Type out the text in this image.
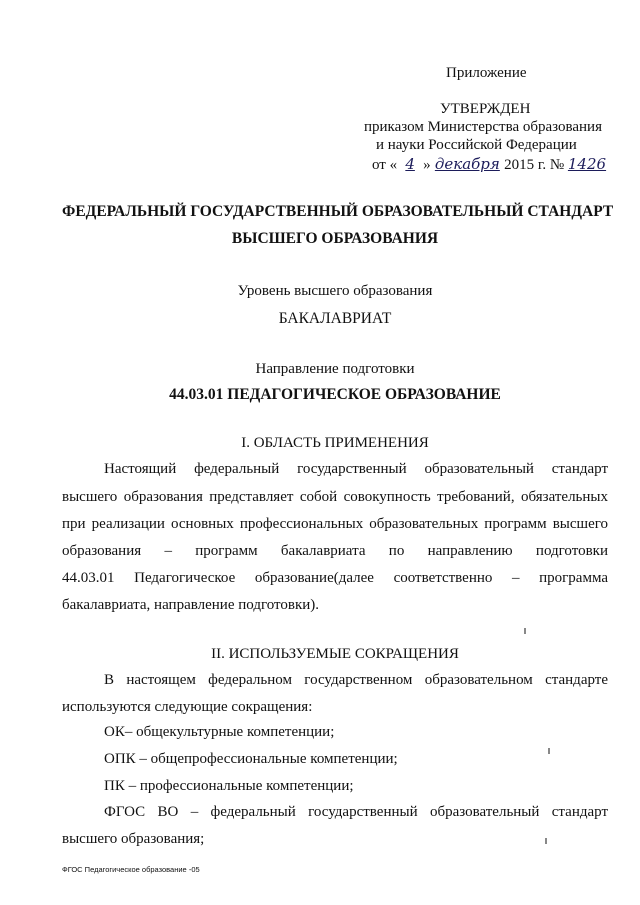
Приложение
УТВЕРЖДЕН
приказом Министерства образования
и науки Российской Федерации
от « 4 » декабря 2015 г. № 1426
ФЕДЕРАЛЬНЫЙ ГОСУДАРСТВЕННЫЙ ОБРАЗОВАТЕЛЬНЫЙ СТАНДАРТ
ВЫСШЕГО ОБРАЗОВАНИЯ
Уровень высшего образования
БАКАЛАВРИАТ
Направление подготовки
44.03.01 ПЕДАГОГИЧЕСКОЕ ОБРАЗОВАНИЕ
I. ОБЛАСТЬ ПРИМЕНЕНИЯ
Настоящий федеральный государственный образовательный стандарт
высшего образования представляет собой совокупность требований, обязательных
при реализации основных профессиональных образовательных программ высшего
образования – программ бакалавриата по направлению подготовки
44.03.01 Педагогическое образование(далее соответственно – программа
бакалавриата, направление подготовки).
II. ИСПОЛЬЗУЕМЫЕ СОКРАЩЕНИЯ
В настоящем федеральном государственном образовательном стандарте
используются следующие сокращения:
ОК– общекультурные компетенции;
ОПК – общепрофессиональные компетенции;
ПК – профессиональные компетенции;
ФГОС ВО – федеральный государственный образовательный стандарт
высшего образования;
ФГОС Педагогическое образование -05
